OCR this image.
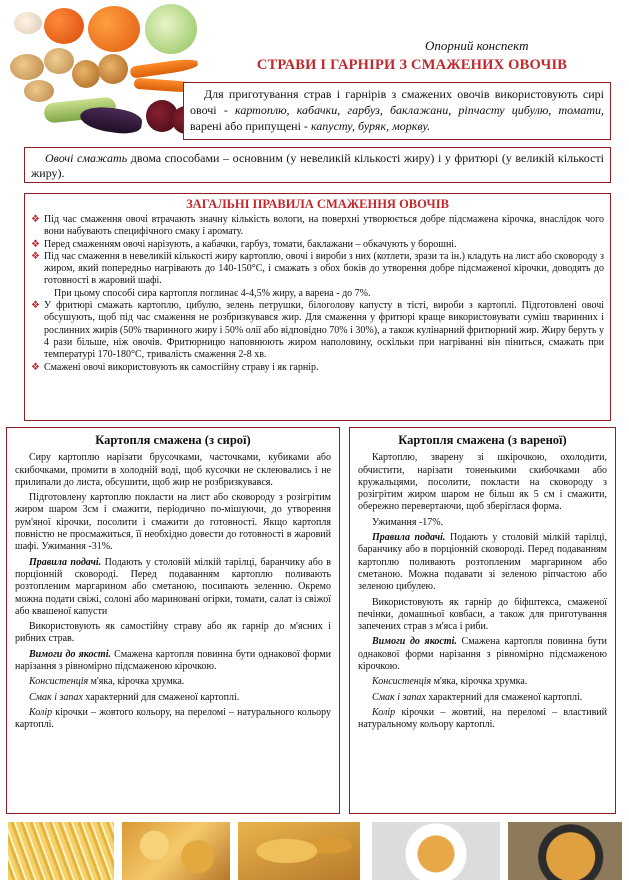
Опорний конспект
СТРАВИ І ГАРНІРИ З СМАЖЕНИХ ОВОЧІВ
Для приготування страв і гарнірів з смажених овочів використовують сирі овочі - картоплю, кабачки, гарбуз, баклажани, ріпчасту цибулю, томати, варені або припущені - капусту, буряк, моркву.
Овочі смажать двома способами – основним (у невеликій кількості жиру) і у фритюрі (у великій кількості жиру).
ЗАГАЛЬНІ ПРАВИЛА СМАЖЕННЯ ОВОЧІВ
❖ Під час смаження овочі втрачають значну кількість вологи, на поверхні утворюється добре підсмажена кірочка, внаслідок чого вони набувають специфічного смаку і аромату.
❖ Перед смаженням овочі нарізують, а кабачки, гарбуз, томати, баклажани – обкачують у борошні.
❖ Під час смаження в невеликій кількості жиру картоплю, овочі і вироби з них (котлети, зрази та ін.) кладуть на лист або сковороду з жиром, який попередньо нагрівають до 140-150°С, і смажать з обох боків до утворення добре підсмаженої кірочки, доводять до готовності в жаровий шафі.
При цьому способі сира картопля поглинає 4-4,5% жиру, а варена - до 7%.
❖ У фритюрі смажать картоплю, цибулю, зелень петрушки, білоголову капусту в тісті, вироби з картоплі. Підготовлені овочі обсушують, щоб під час смаження не розбризкувався жир. Для смаження у фритюрі краще використовувати суміш тваринних і рослинних жирів (50% тваринного жиру і 50% олії або відповідно 70% і 30%), а також кулінарний фритюрний жир. Жиру беруть у 4 рази більше, ніж овочів. Фритюрницю наповнюють жиром наполовину, оскільки при нагріванні він піниться, смажать при температурі 170-180°С, тривалість смаження 2-8 хв.
❖ Смажені овочі використовують як самостійну страву і як гарнір.
Картопля смажена (з сирої)

Сиру картоплю нарізати брусочками, часточками, кубиками або скибочками, промити в холодній воді, щоб кусочки не склеювались і не прилипали до листа, обсушити, щоб жир не розбризкувався.

Підготовлену картоплю покласти на лист або сковороду з розігрітим жиром шаром 3см і смажити, періодично по-мішуючи, до утворення рум'яної кірочки, посолити і смажити до готовності. Якщо картопля повністю не просмажиться, її необхідно довести до готовності в жаровий шафі. Ужимання -31%.

Правила подачі. Подають у столовій мілкій тарілці, баранчику або в порціонній сковороді. Перед подаванням картоплю поливають розтопленим маргарином або сметаною, посипають зеленню. Окремо можна подати свіжі, солоні або мариновані огірки, томати, салат із свіжої або квашеної капусти

Використовують як самостійну страву або як гарнір до м'ясних і рибних страв.

Вимоги до якості. Смажена картопля повинна бути однакової форми нарізання з рівномірно підсмаженою кірочкою.

Консистенція м'яка, кірочка хрумка.

Смак і запах характерний для смаженої картоплі.

Колір кірочки – жовтого кольору, на переломі – натурального кольору картоплі.

Картопля смажена (з вареної)

Картоплю, зварену зі шкірочкою, охолодити, обчистити, нарізати тоненькими скибочками або кружальцями, посолити, покласти на сковороду з розігрітим жиром шаром не більш як 5 см і смажити, обережно перевертаючи, щоб зберіглася форма.

Ужимання -17%.

Правила подачі. Подають у столовій мілкій тарілці, баранчику або в порціонній сковороді. Перед подаванням картоплю поливають розтопленим маргарином або сметаною. Можна подавати зі зеленою ріпчастою або зеленою цибулею.

Використовують як гарнір до біфштекса, смаженої печінки, домашньої ковбаси, а також для приготування запечених страв з м'яса і риби.

Вимоги до якості. Смажена картопля повинна бути однакової форми нарізання з рівномірно підсмаженою кірочкою.

Консистенція м'яка, кірочка хрумка.

Смак і запах характерний для смаженої картоплі.

Колір кірочки – жовтий, на переломі – властивий натуральному кольору картоплі.
